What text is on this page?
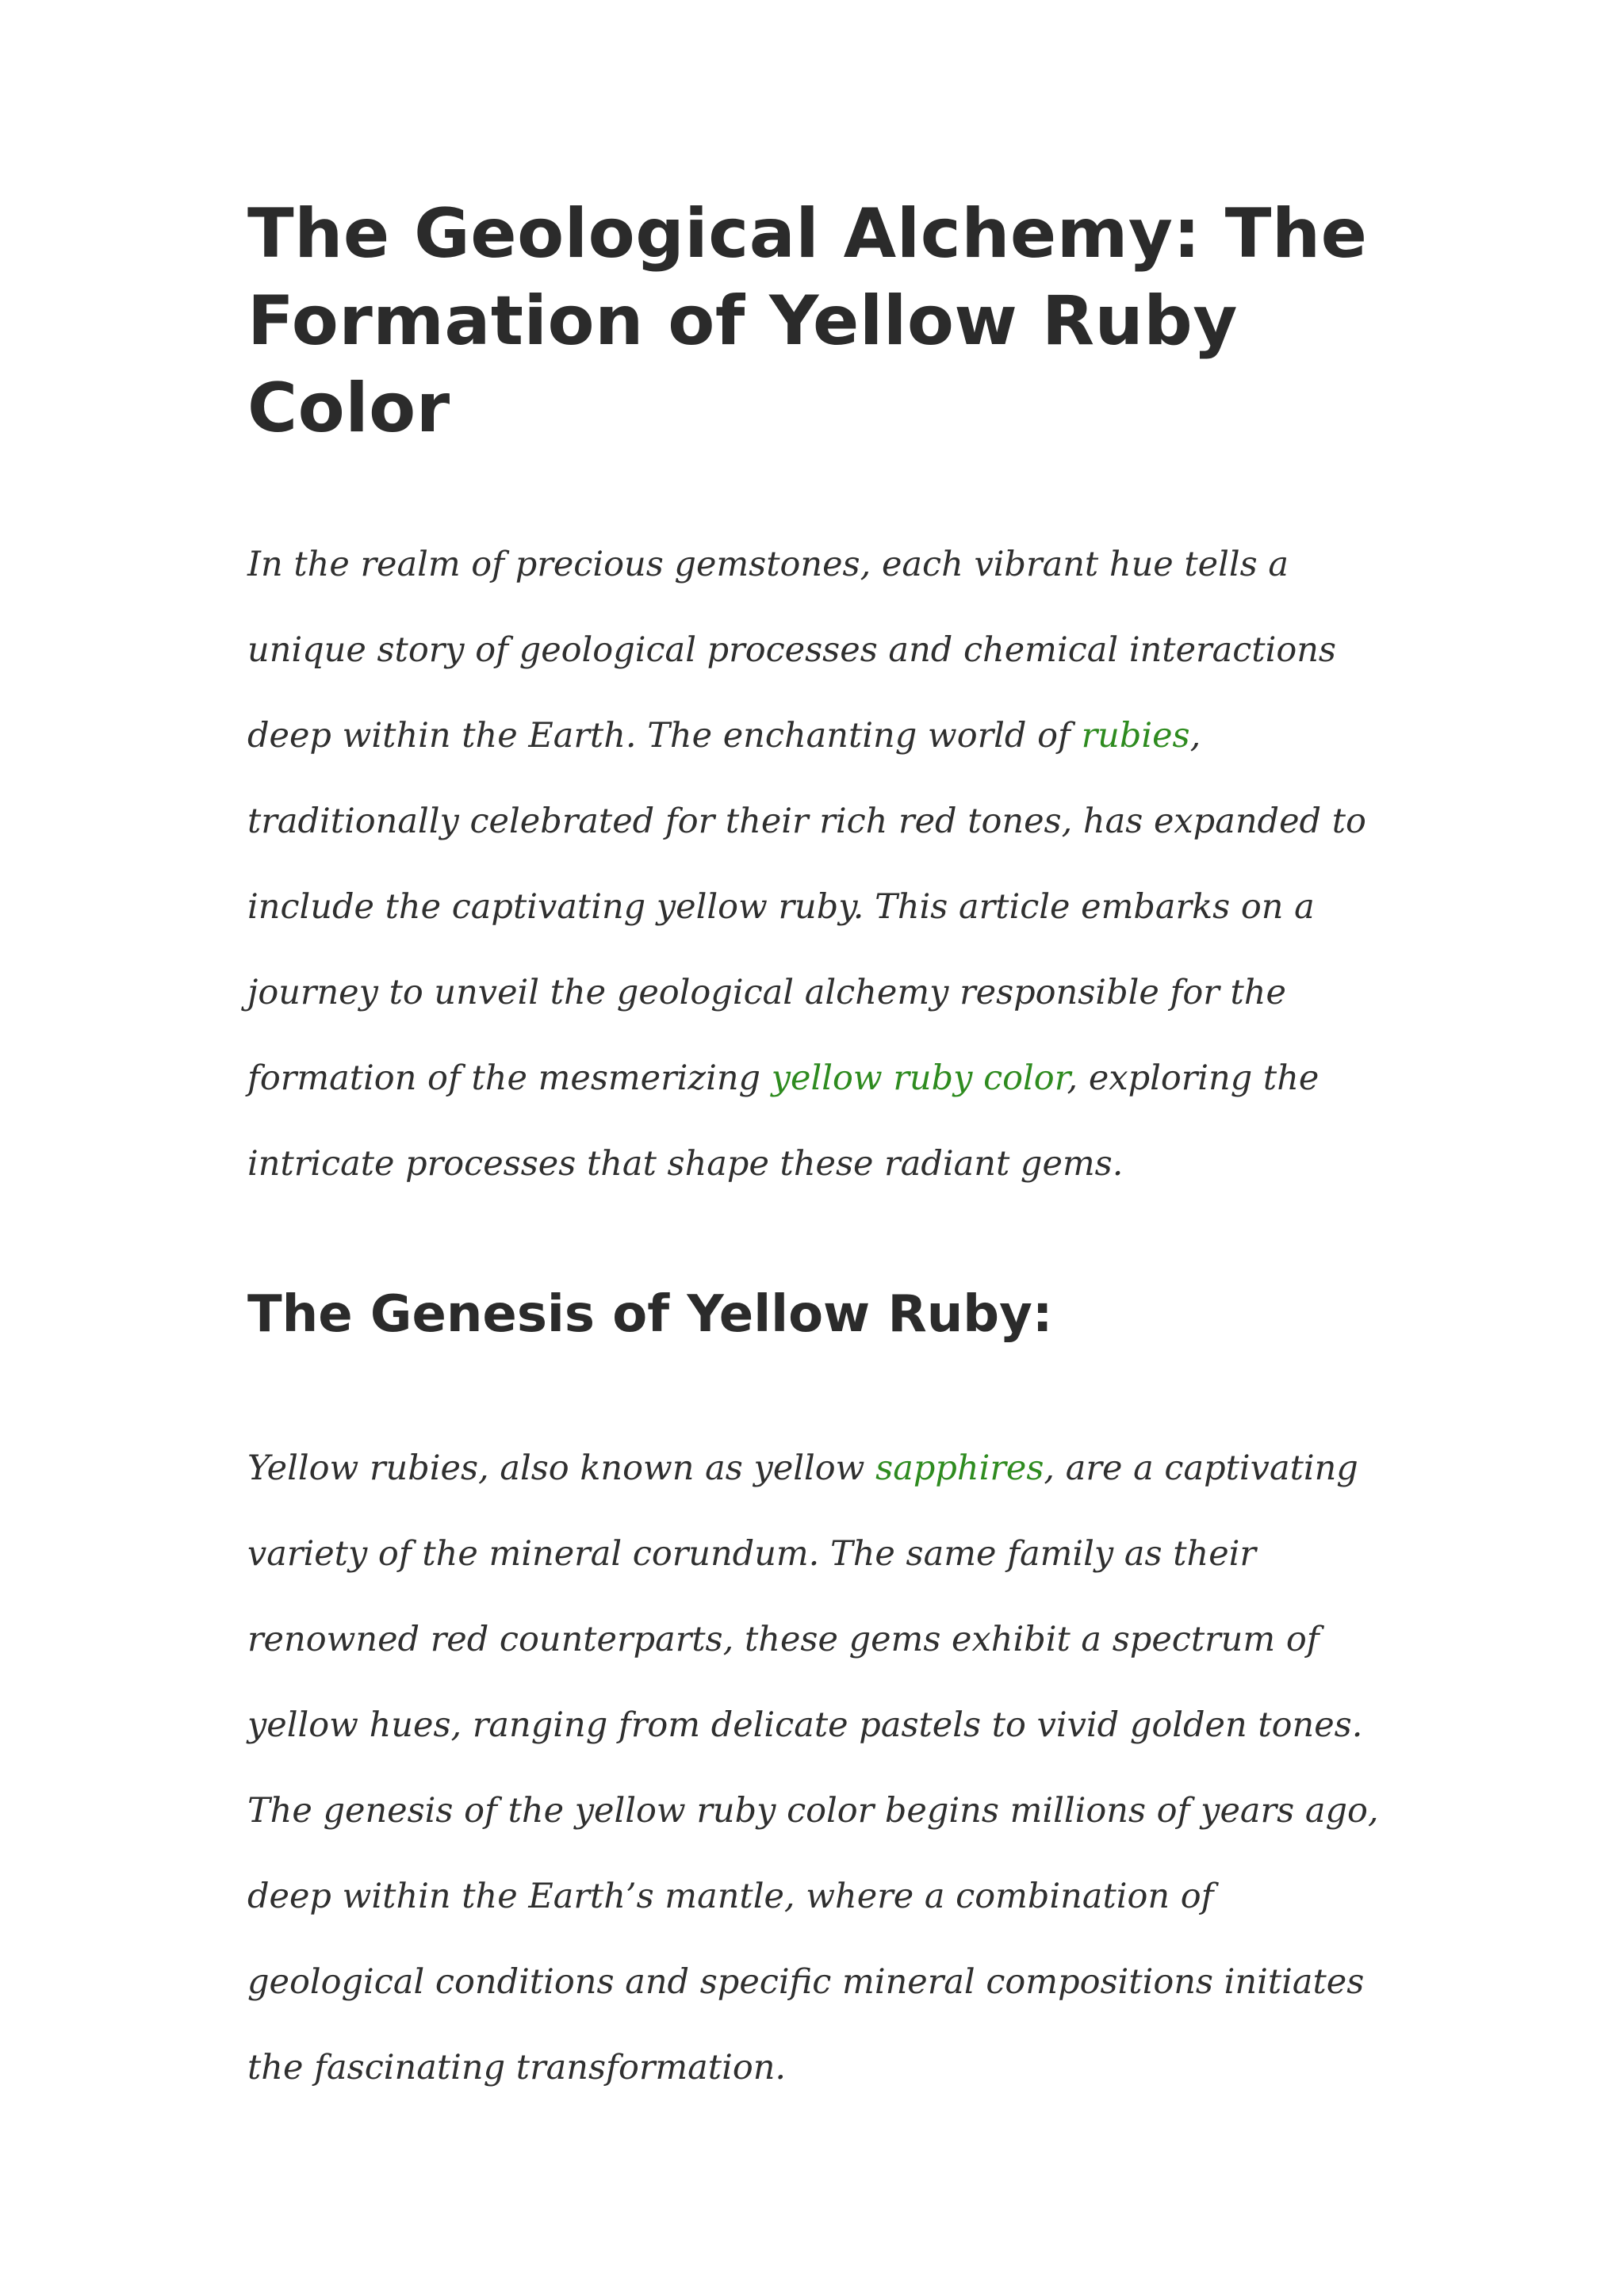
The Geological Alchemy: The Formation of Yellow Ruby Color

In the realm of precious gemstones, each vibrant hue tells a unique story of geological processes and chemical interactions deep within the Earth. The enchanting world of rubies, traditionally celebrated for their rich red tones, has expanded to include the captivating yellow ruby. This article embarks on a journey to unveil the geological alchemy responsible for the formation of the mesmerizing yellow ruby color, exploring the intricate processes that shape these radiant gems.

The Genesis of Yellow Ruby:

Yellow rubies, also known as yellow sapphires, are a captivating variety of the mineral corundum. The same family as their renowned red counterparts, these gems exhibit a spectrum of yellow hues, ranging from delicate pastels to vivid golden tones. The genesis of the yellow ruby color begins millions of years ago, deep within the Earth’s mantle, where a combination of geological conditions and specific mineral compositions initiates the fascinating transformation.
